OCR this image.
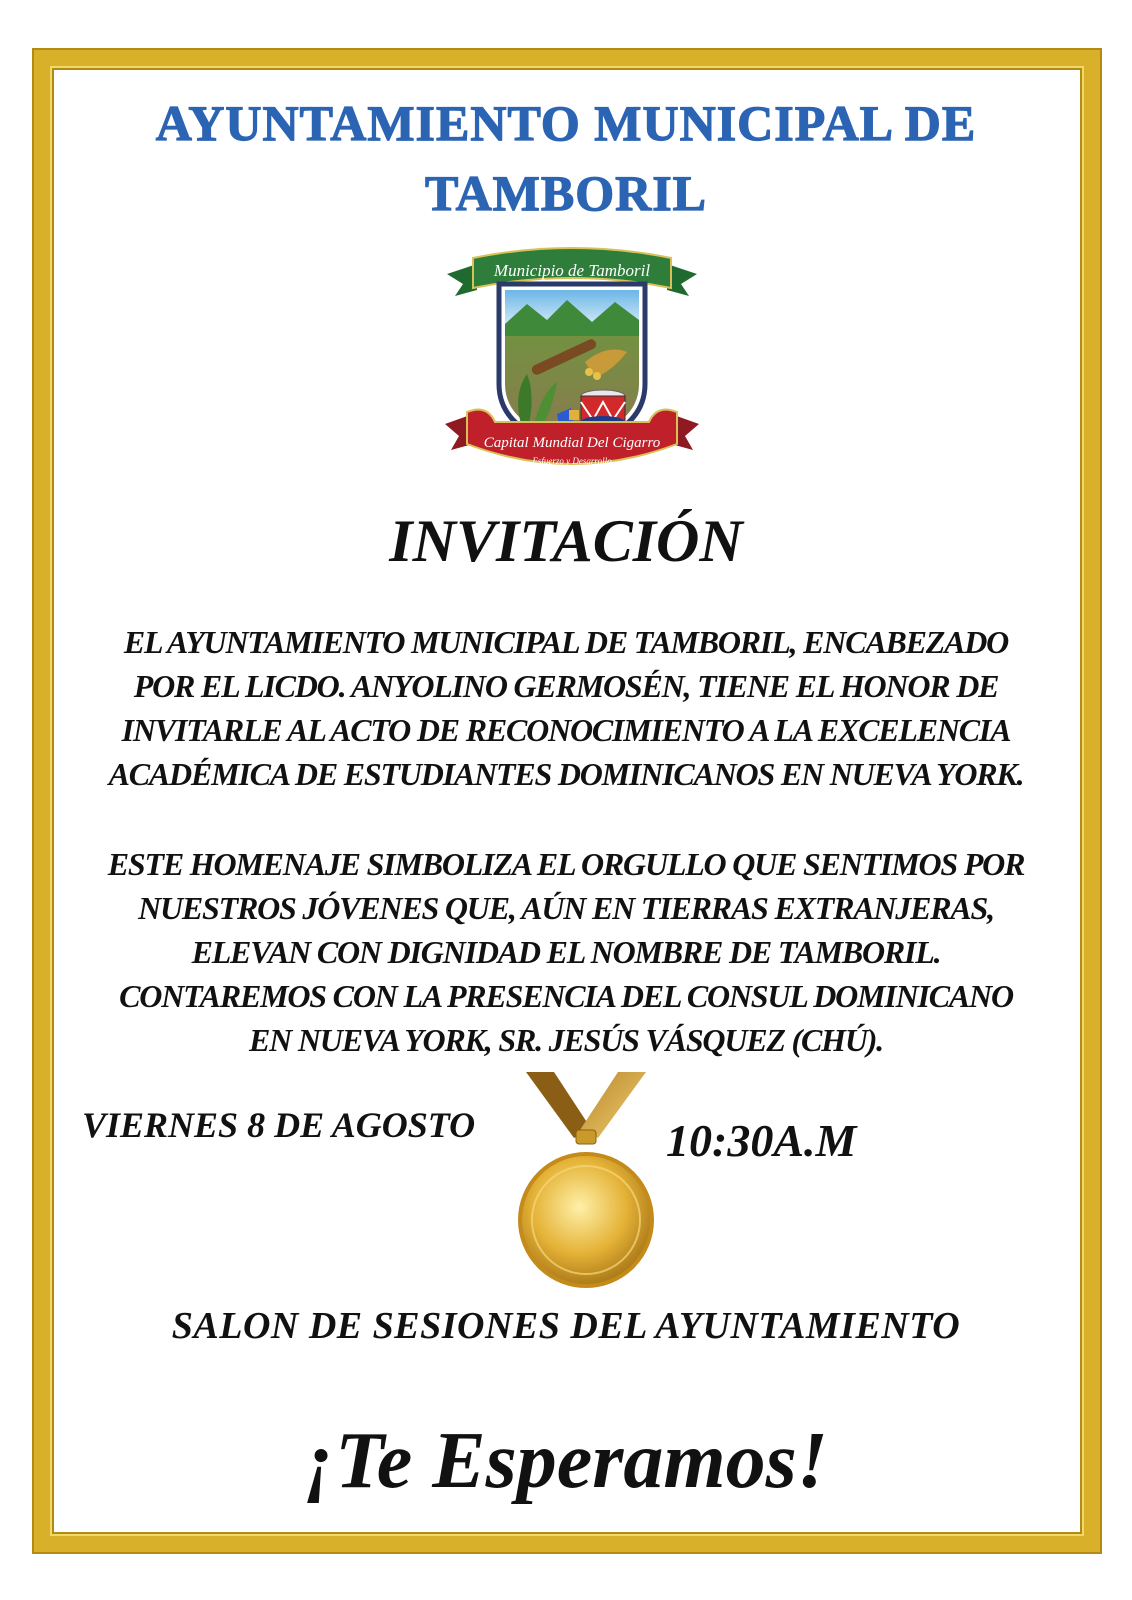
AYUNTAMIENTO MUNICIPAL DE
TAMBORIL
Municipio de Tamboril
Capital Mundial Del Cigarro
Esfuerzo y Desarrollo
INVITACIÓN
EL AYUNTAMIENTO MUNICIPAL DE TAMBORIL, ENCABEZADO
POR EL LICDO. ANYOLINO GERMOSÉN, TIENE EL HONOR DE
INVITARLE AL ACTO DE RECONOCIMIENTO A LA EXCELENCIA
ACADÉMICA DE ESTUDIANTES DOMINICANOS EN NUEVA YORK.
ESTE HOMENAJE SIMBOLIZA EL ORGULLO QUE SENTIMOS POR
NUESTROS JÓVENES QUE, AÚN EN TIERRAS EXTRANJERAS,
ELEVAN CON DIGNIDAD EL NOMBRE DE TAMBORIL.
CONTAREMOS CON LA PRESENCIA DEL CONSUL DOMINICANO
EN NUEVA YORK, SR. JESÚS VÁSQUEZ (CHÚ).
VIERNES 8 DE AGOSTO	10:30A.M
SALON DE SESIONES DEL AYUNTAMIENTO
¡Te Esperamos!
